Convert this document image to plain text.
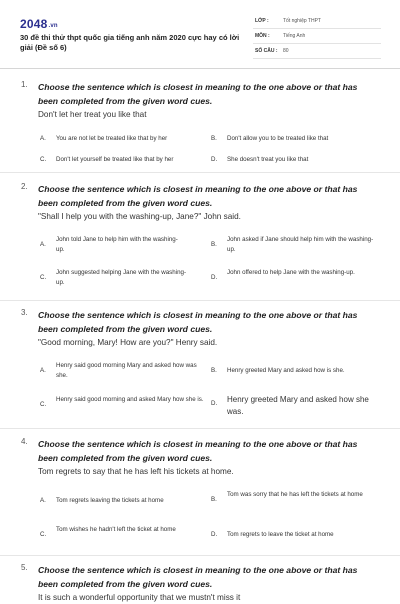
2048.vn
30 đề thi thử thpt quốc gia tiếng anh năm 2020 cực hay có lời giải (Đề số 6)
LỚP :	Tốt nghiệp THPT
MÔN :	Tiếng Anh
SỐ CÂU : 80
1. Choose the sentence which is closest in meaning to the one above or that has been completed from the given word cues.
Don't let her treat you like that
A. You are not let be treated like that by her	B. Don't allow you to be treated like that
C. Don't let yourself be treated like that by her	D. She doesn't treat you like that
2. Choose the sentence which is closest in meaning to the one above or that has been completed from the given word cues.
"Shall I help you with the washing-up, Jane?" John said.
A.
John told Jane to help him with the washing-up.
B.
John asked if Jane should help him with the washing-up.
C.
John suggested helping Jane with the washing-up.
D.
John offered to help Jane with the washing-up.
3. Choose the sentence which is closest in meaning to the one above or that has been completed from the given word cues.
"Good morning, Mary! How are you?" Henry said.
A.
Henry said good morning Mary and asked how was she.
B. Henry greeted Mary and asked how is she.
C.
Henry said good morning and asked Mary how she is.
D. Henry greeted Mary and asked how she was.
4. Choose the sentence which is closest in meaning to the one above or that has been completed from the given word cues.
Tom regrets to say that he has left his tickets at home.
A. Tom regrets leaving the tickets at home	B.
Tom was sorry that he has left the tickets at home
C.
Tom wishes he hadn't left the ticket at home
D. Tom regrets to leave the ticket at home
5. Choose the sentence which is closest in meaning to the one above or that has been completed from the given word cues.
It is such a wonderful opportunity that we mustn't miss it
